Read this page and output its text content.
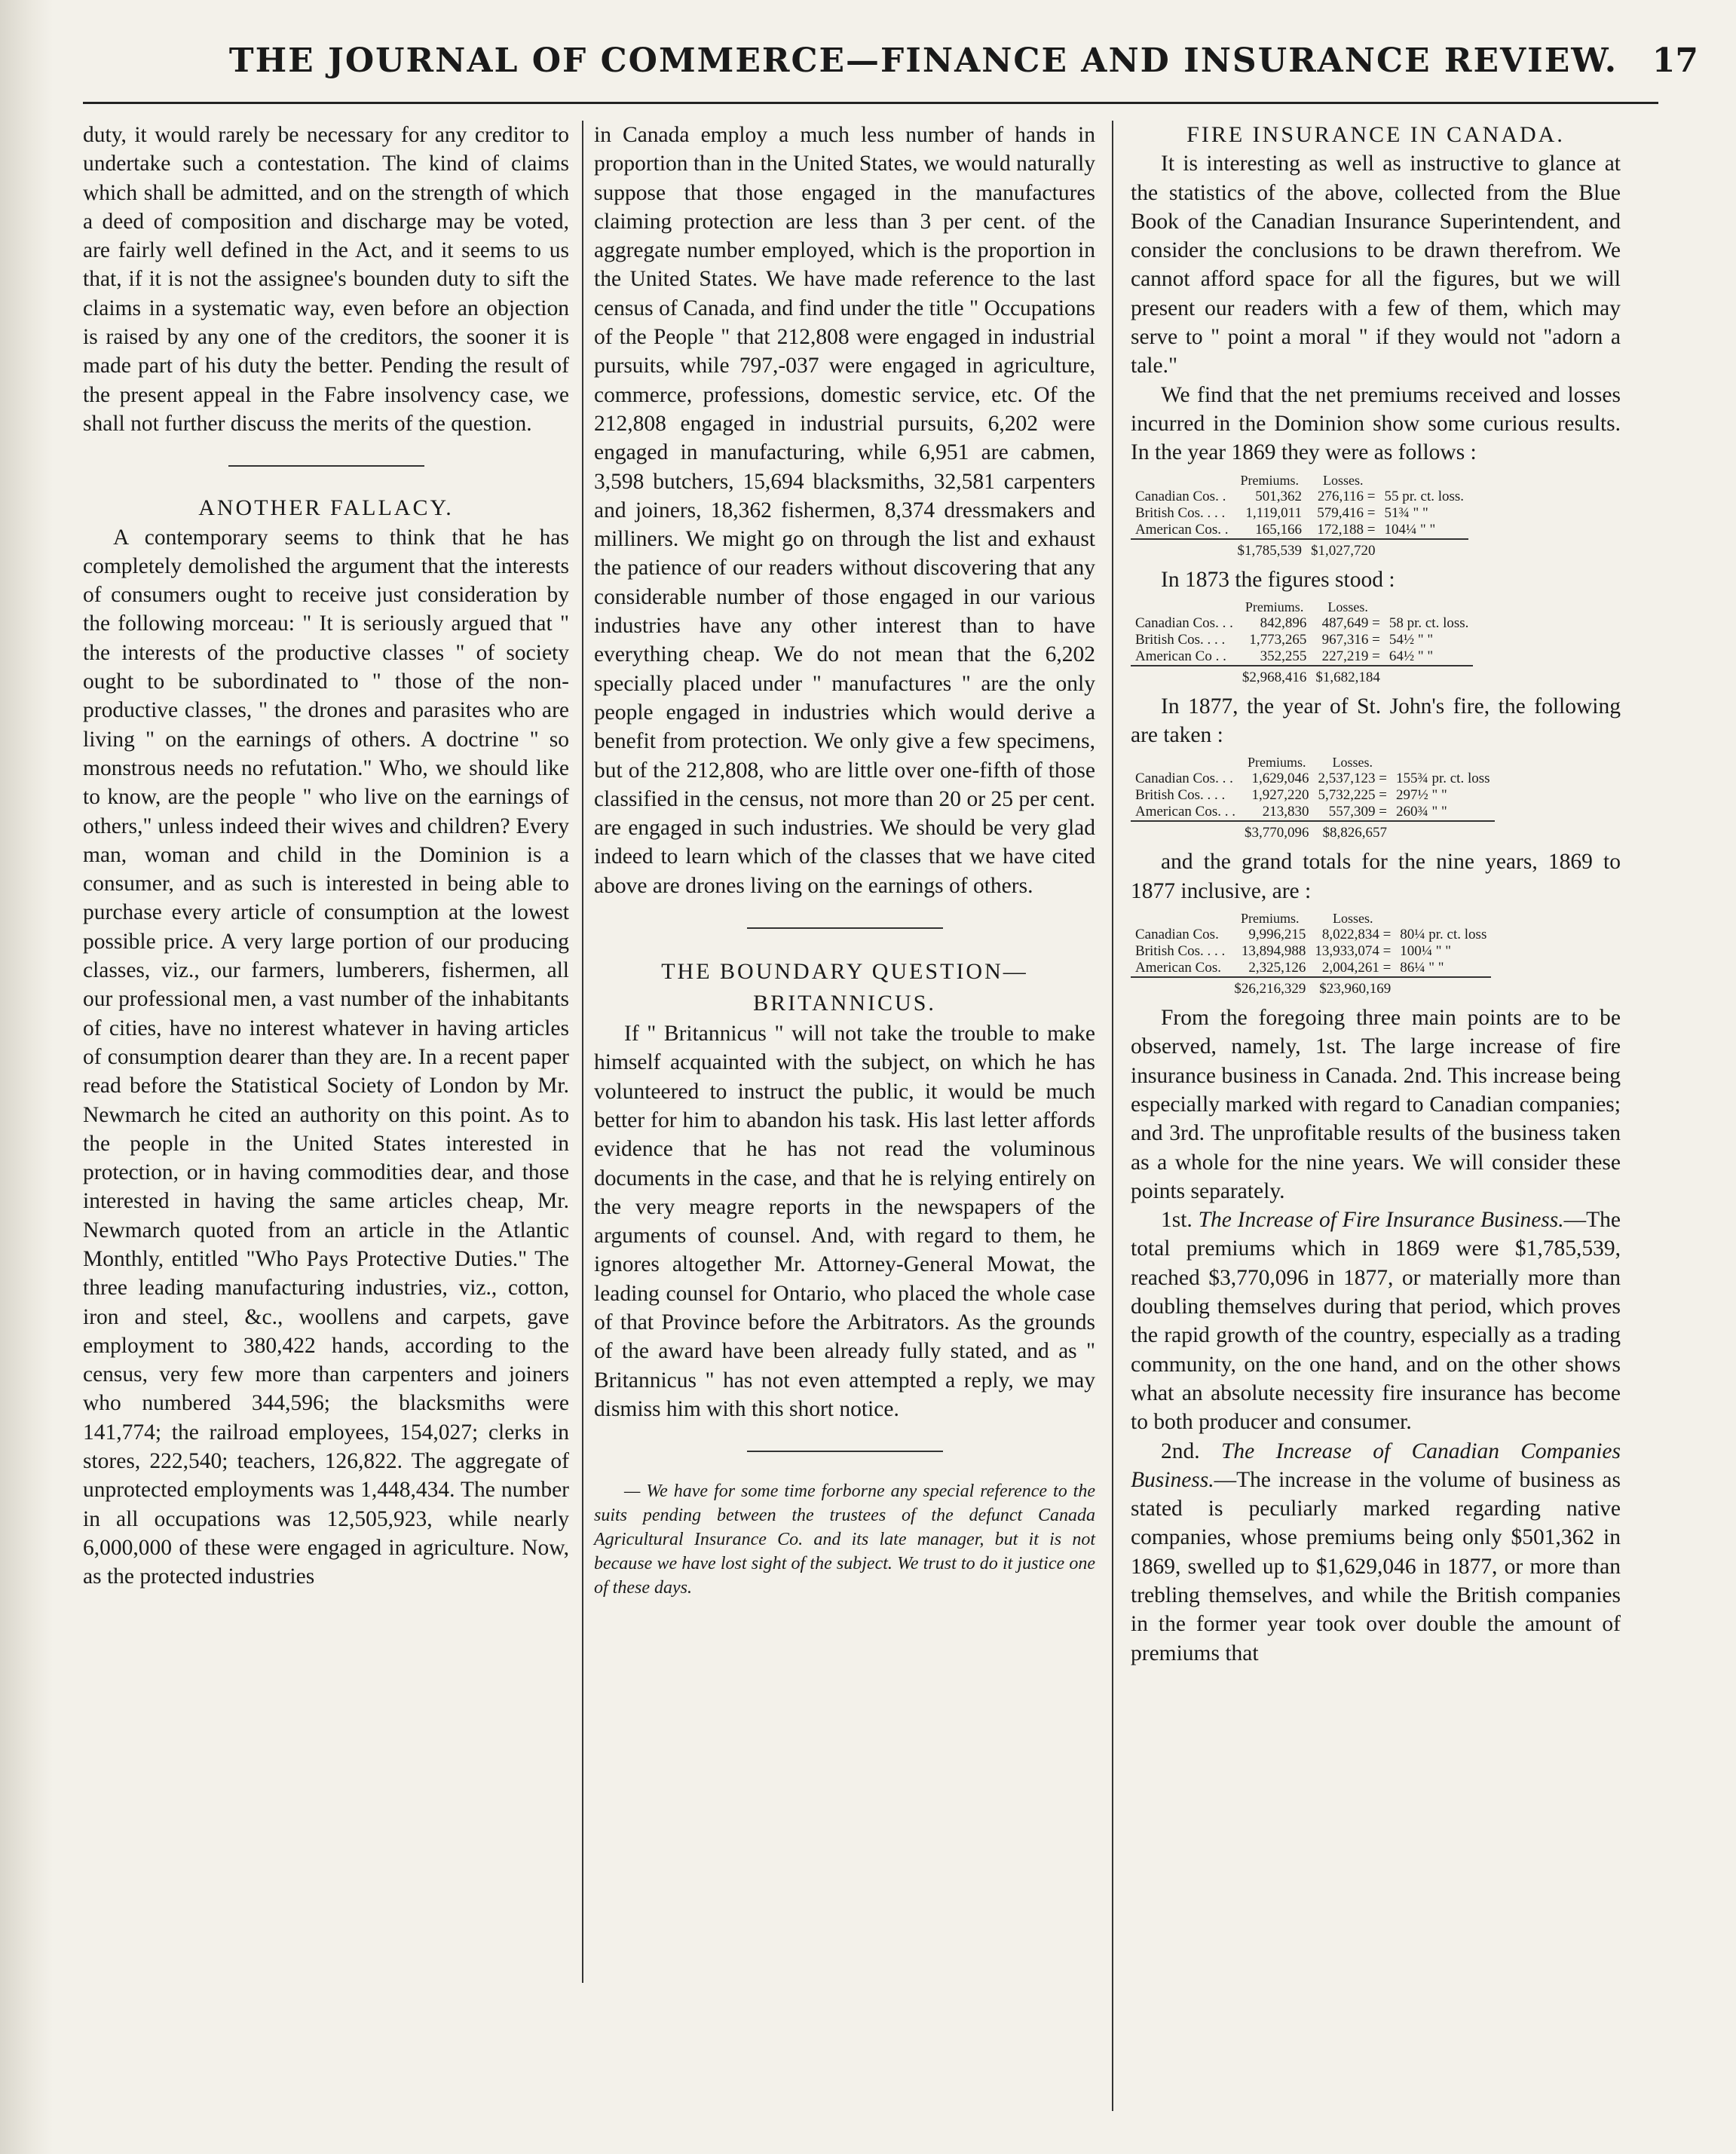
THE JOURNAL OF COMMERCE—FINANCE AND INSURANCE REVIEW.	17

duty, it would rarely be necessary for any creditor to undertake such a contestation. The kind of claims which shall be admitted, and on the strength of which a deed of composition and discharge may be voted, are fairly well defined in the Act, and it seems to us that, if it is not the assignee's bounden duty to sift the claims in a systematic way, even before an objection is raised by any one of the creditors, the sooner it is made part of his duty the better. Pending the result of the present appeal in the Fabre insolvency case, we shall not further discuss the merits of the question.

ANOTHER FALLACY.

A contemporary seems to think that he has completely demolished the argument that the interests of consumers ought to receive just consideration by the following morceau: " It is seriously argued that " the interests of the productive classes " of society ought to be subordinated to " those of the non-productive classes, " the drones and parasites who are living " on the earnings of others. A doctrine " so monstrous needs no refutation." Who, we should like to know, are the people " who live on the earnings of others," unless indeed their wives and children? Every man, woman and child in the Dominion is a consumer, and as such is interested in being able to purchase every article of consumption at the lowest possible price. A very large portion of our producing classes, viz., our farmers, lumberers, fishermen, all our professional men, a vast number of the inhabitants of cities, have no interest whatever in having articles of consumption dearer than they are. In a recent paper read before the Statistical Society of London by Mr. Newmarch he cited an authority on this point. As to the people in the United States interested in protection, or in having commodities dear, and those interested in having the same articles cheap, Mr. Newmarch quoted from an article in the Atlantic Monthly, entitled "Who Pays Protective Duties." The three leading manufacturing industries, viz., cotton, iron and steel, &c., woollens and carpets, gave employment to 380,422 hands, according to the census, very few more than carpenters and joiners who numbered 344,596; the blacksmiths were 141,774; the railroad employees, 154,027; clerks in stores, 222,540; teachers, 126,822. The aggregate of unprotected employments was 1,448,434. The number in all occupations was 12,505,923, while nearly 6,000,000 of these were engaged in agriculture. Now, as the protected industries

in Canada employ a much less number of hands in proportion than in the United States, we would naturally suppose that those engaged in the manufactures claiming protection are less than 3 per cent. of the aggregate number employed, which is the proportion in the United States. We have made reference to the last census of Canada, and find under the title " Occupations of the People " that 212,808 were engaged in industrial pursuits, while 797,-037 were engaged in agriculture, commerce, professions, domestic service, etc. Of the 212,808 engaged in industrial pursuits, 6,202 were engaged in manufacturing, while 6,951 are cabmen, 3,598 butchers, 15,694 blacksmiths, 32,581 carpenters and joiners, 18,362 fishermen, 8,374 dressmakers and milliners. We might go on through the list and exhaust the patience of our readers without discovering that any considerable number of those engaged in our various industries have any other interest than to have everything cheap. We do not mean that the 6,202 specially placed under " manufactures " are the only people engaged in industries which would derive a benefit from protection. We only give a few specimens, but of the 212,808, who are little over one-fifth of those classified in the census, not more than 20 or 25 per cent. are engaged in such industries. We should be very glad indeed to learn which of the classes that we have cited above are drones living on the earnings of others.

THE BOUNDARY QUESTION— BRITANNICUS.

If " Britannicus " will not take the trouble to make himself acquainted with the subject, on which he has volunteered to instruct the public, it would be much better for him to abandon his task. His last letter affords evidence that he has not read the voluminous documents in the case, and that he is relying entirely on the very meagre reports in the newspapers of the arguments of counsel. And, with regard to them, he ignores altogether Mr. Attorney-General Mowat, the leading counsel for Ontario, who placed the whole case of that Province before the Arbitrators. As the grounds of the award have been already fully stated, and as " Britannicus " has not even attempted a reply, we may dismiss him with this short notice.

— We have for some time forborne any special reference to the suits pending between the trustees of the defunct Canada Agricultural Insurance Co. and its late manager, but it is not because we have lost sight of the subject. We trust to do it justice one of these days.

FIRE INSURANCE IN CANADA.

It is interesting as well as instructive to glance at the statistics of the above, collected from the Blue Book of the Canadian Insurance Superintendent, and consider the conclusions to be drawn therefrom. We cannot afford space for all the figures, but we will present our readers with a few of them, which may serve to " point a moral " if they would not "adorn a tale."

We find that the net premiums received and losses incurred in the Dominion show some curious results. In the year 1869 they were as follows :

	Premiums.	Losses.	
Canadian Cos. .	501,362	276,116 =	55 pr. ct. loss.
British Cos. . . .	1,119,011	579,416 =	51¾ " "
American Cos. .	165,166	172,188 =	104¼ " "
	$1,785,539	$1,027,720	

In 1873 the figures stood :

	Premiums.	Losses.	
Canadian Cos. . .	842,896	487,649 =	58 pr. ct. loss.
British Cos. . . .	1,773,265	967,316 =	54½ " "
American Co . .	352,255	227,219 =	64½ " "
	$2,968,416	$1,682,184	

In 1877, the year of St. John's fire, the following are taken :

	Premiums.	Losses.	
Canadian Cos. . .	1,629,046	2,537,123 =	155¾ pr. ct. loss
British Cos. . . .	1,927,220	5,732,225 =	297½ " "
American Cos. . .	213,830	557,309 =	260¾ " "
	$3,770,096	$8,826,657	

and the grand totals for the nine years, 1869 to 1877 inclusive, are :

	Premiums.	Losses.	
Canadian Cos.	9,996,215	8,022,834 =	80¼ pr. ct. loss
British Cos. . . .	13,894,988	13,933,074 =	100¼ " "
American Cos.	2,325,126	2,004,261 =	86¼ " "
	$26,216,329	$23,960,169	

From the foregoing three main points are to be observed, namely, 1st. The large increase of fire insurance business in Canada. 2nd. This increase being especially marked with regard to Canadian companies; and 3rd. The unprofitable results of the business taken as a whole for the nine years. We will consider these points separately.

1st. The Increase of Fire Insurance Business.—The total premiums which in 1869 were $1,785,539, reached $3,770,096 in 1877, or materially more than doubling themselves during that period, which proves the rapid growth of the country, especially as a trading community, on the one hand, and on the other shows what an absolute necessity fire insurance has become to both producer and consumer.

2nd. The Increase of Canadian Companies Business.—The increase in the volume of business as stated is peculiarly marked regarding native companies, whose premiums being only $501,362 in 1869, swelled up to $1,629,046 in 1877, or more than trebling themselves, and while the British companies in the former year took over double the amount of premiums that
